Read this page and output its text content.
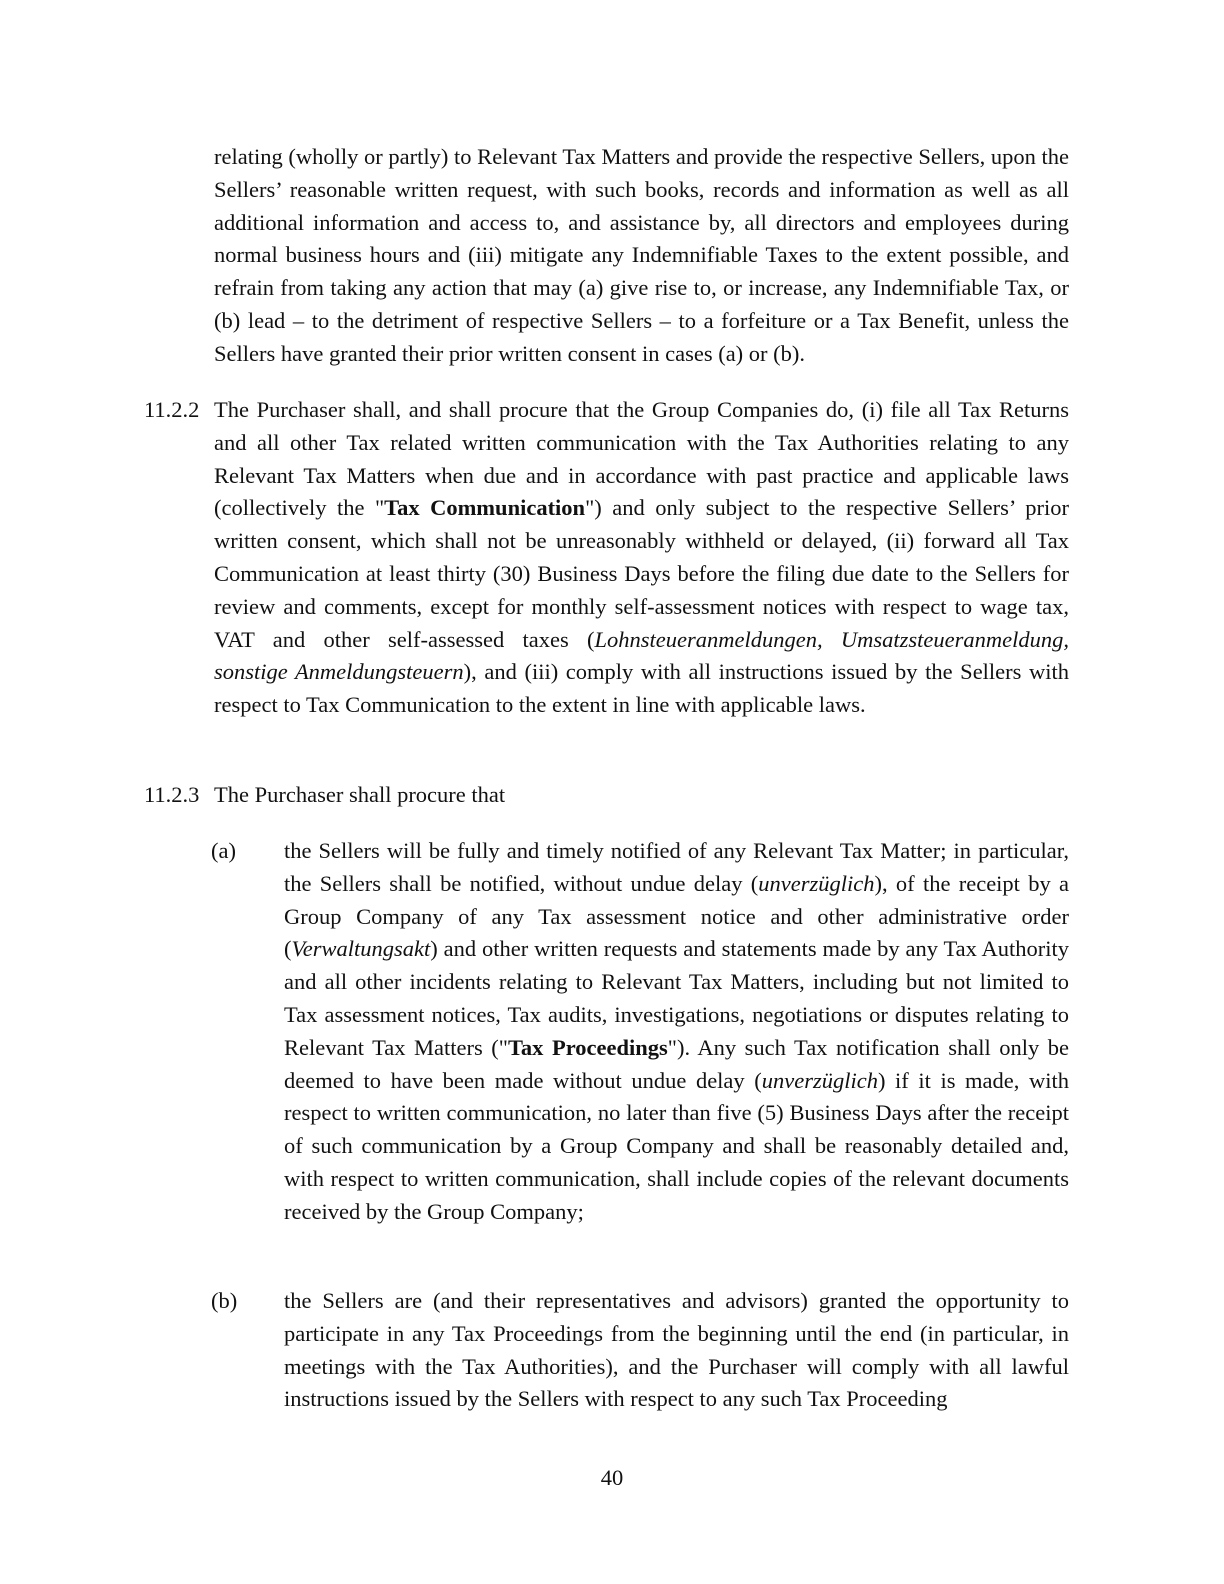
relating (wholly or partly) to Relevant Tax Matters and provide the respective Sellers, upon the Sellers’ reasonable written request, with such books, records and information as well as all additional information and access to, and assistance by, all directors and employees during normal business hours and (iii) mitigate any Indemnifiable Taxes to the extent possible, and refrain from taking any action that may (a) give rise to, or increase, any Indemnifiable Tax, or (b) lead – to the detriment of respective Sellers – to a forfeiture or a Tax Benefit, unless the Sellers have granted their prior written consent in cases (a) or (b).

11.2.2 The Purchaser shall, and shall procure that the Group Companies do, (i) file all Tax Returns and all other Tax related written communication with the Tax Authorities relating to any Relevant Tax Matters when due and in accordance with past practice and applicable laws (collectively the "Tax Communication") and only subject to the respective Sellers’ prior written consent, which shall not be unreasonably withheld or delayed, (ii) forward all Tax Communication at least thirty (30) Business Days before the filing due date to the Sellers for review and comments, except for monthly self-assessment notices with respect to wage tax, VAT and other self-assessed taxes (Lohnsteueranmeldungen, Umsatzsteueranmeldung, sonstige Anmeldungsteuern), and (iii) comply with all instructions issued by the Sellers with respect to Tax Communication to the extent in line with applicable laws.
11.2.3 The Purchaser shall procure that
(a) the Sellers will be fully and timely notified of any Relevant Tax Matter; in particular, the Sellers shall be notified, without undue delay (unverzüglich), of the receipt by a Group Company of any Tax assessment notice and other administrative order (Verwaltungsakt) and other written requests and statements made by any Tax Authority and all other incidents relating to Relevant Tax Matters, including but not limited to Tax assessment notices, Tax audits, investigations, negotiations or disputes relating to Relevant Tax Matters ("Tax Proceedings"). Any such Tax notification shall only be deemed to have been made without undue delay (unverzüglich) if it is made, with respect to written communication, no later than five (5) Business Days after the receipt of such communication by a Group Company and shall be reasonably detailed and, with respect to written communication, shall include copies of the relevant documents received by the Group Company;
(b) the Sellers are (and their representatives and advisors) granted the opportunity to participate in any Tax Proceedings from the beginning until the end (in particular, in meetings with the Tax Authorities), and the Purchaser will comply with all lawful instructions issued by the Sellers with respect to any such Tax Proceeding
40
